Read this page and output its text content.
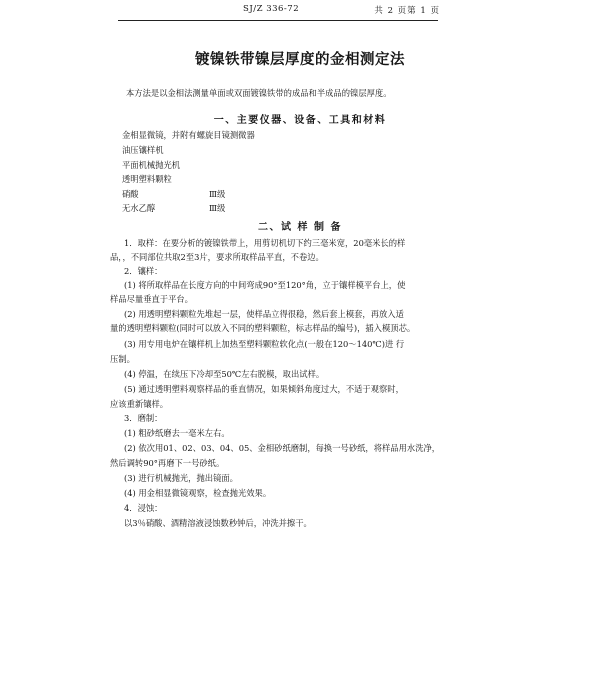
SJ/Z 336-72	共 2 页第 1 页
镀镍铁带镍层厚度的金相测定法
本方法是以金相法测量单面或双面镀镍铁带的成品和半成品的镍层厚度。
一、主要仪器、设备、工具和材料
金相显微镜，并附有螺旋目镜测微器
油压镶样机
平面机械抛光机
透明塑料颗粒
硝酸	Ⅲ级
无水乙醇	Ⅲ级
二、试 样 制 备
1．取样：在要分析的镀镍铁带上，用剪切机切下约三毫米宽，20毫米长的样
品，，不同部位共取2至3片，要求所取样品平直，不卷边。
2．镶样：
(1) 将所取样品在长度方向的中间弯成90°至120°角，立于镶样模平台上，使
样品尽量垂直于平台。
(2) 用透明塑料颗粒先堆起一层，使样品立得很稳，然后套上模套，再放入适
量的透明塑料颗粒(同时可以放入不同的塑料颗粒，标志样品的编号)，插入模顶芯。
(3) 用专用电炉在镶样机上加热至塑料颗粒软化点(一般在120～140℃)进 行
压制。
(4) 停温，在续压下冷却至50℃左右脱模，取出试样。
(5) 通过透明塑料观察样品的垂直情况，如果倾斜角度过大，不适于观察时，
应该重新镶样。
3．磨制：
(1) 粗砂纸磨去一毫米左右。
(2) 依次用01、02、03、04、05、金相砂纸磨制，每换一号砂纸，将样品用水洗净，
然后调转90°再磨下一号砂纸。
(3) 进行机械抛光，抛出镜面。
(4) 用金相显微镜观察，检查抛光效果。
4．浸蚀：
以3％硝酸、酒精溶液浸蚀数秒钟后，冲洗并擦干。
